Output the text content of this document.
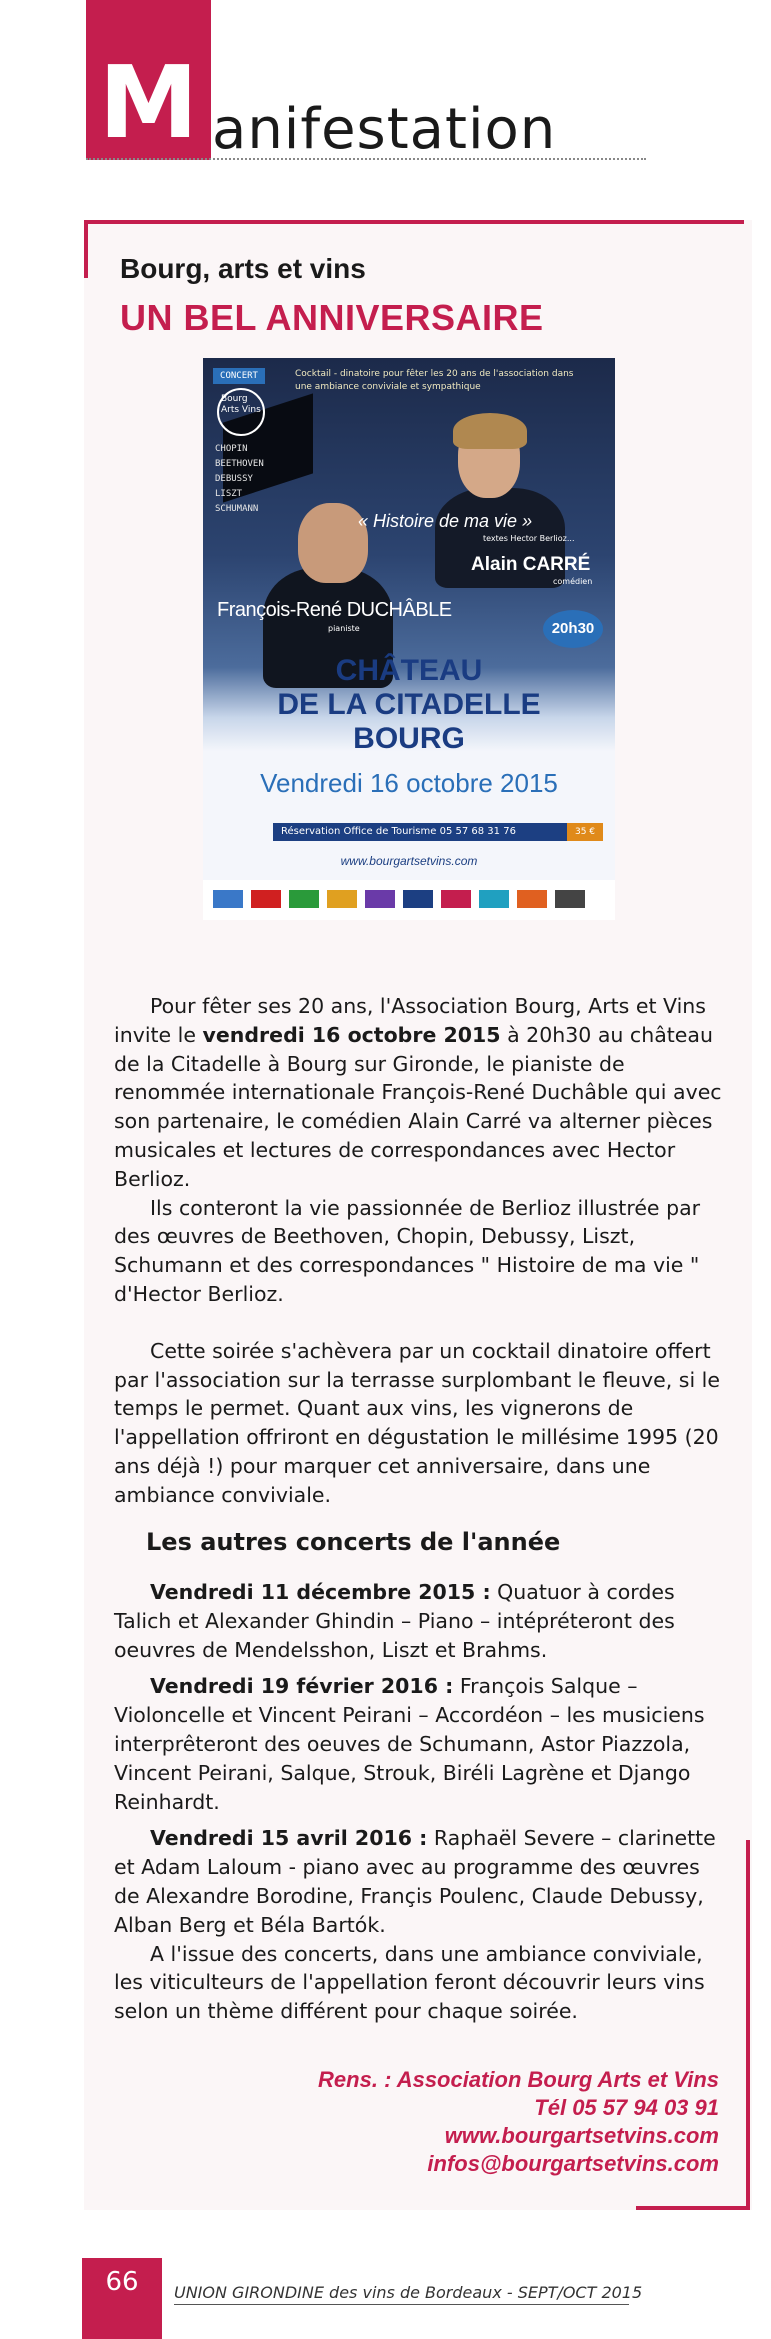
M anifestation
Bourg, arts et vins
UN BEL ANNIVERSAIRE
CONCERT
Bourg Arts Vins
Cocktail - dinatoire pour fêter les 20 ans de l'association dans une ambiance conviviale et sympathique
CHOPIN
BEETHOVEN
DEBUSSY
LISZT
SCHUMANN
« Histoire de ma vie »
textes Hector Berlioz...
Alain CARRÉ
comédien
François-René DUCHÂBLE
pianiste	20h30
CHÂTEAU
DE LA CITADELLE
BOURG
Vendredi 16 octobre 2015
Réservation Office de Tourisme 05 57 68 31 76	35 €
www.bourgartsetvins.com

Pour fêter ses 20 ans, l'Association Bourg, Arts et Vins invite le vendredi 16 octobre 2015 à 20h30 au château de la Citadelle à Bourg sur Gironde, le pianiste de renommée internationale François-René Duchâble qui avec son partenaire, le comédien Alain Carré va alterner pièces musicales et lectures de correspondances avec Hector Berlioz.

Ils conteront la vie passionnée de Berlioz illustrée par des œuvres de Beethoven, Chopin, Debussy, Liszt, Schumann et des correspondances " Histoire de ma vie " d'Hector Berlioz.

Cette soirée s'achèvera par un cocktail dinatoire offert par l'association sur la terrasse surplombant le fleuve, si le temps le permet. Quant aux vins, les vignerons de l'appellation offriront en dégustation le millésime 1995 (20 ans déjà !) pour marquer cet anniversaire, dans une ambiance conviviale.

Les autres concerts de l'année

Vendredi 11 décembre 2015 : Quatuor à cordes Talich et Alexander Ghindin – Piano – intépréteront des oeuvres de Mendelsshon, Liszt et Brahms.

Vendredi 19 février 2016 : François Salque – Violoncelle et Vincent Peirani – Accordéon – les musiciens interprêteront des oeuves de Schumann, Astor Piazzola, Vincent Peirani, Salque, Strouk, Biréli Lagrène et Django Reinhardt.

Vendredi 15 avril 2016 : Raphaël Severe – clarinette et Adam Laloum - piano avec au programme des œuvres de Alexandre Borodine, Françis Poulenc, Claude Debussy, Alban Berg et Béla Bartók.

A l'issue des concerts, dans une ambiance conviviale, les viticulteurs de l'appellation feront découvrir leurs vins selon un thème différent pour chaque soirée.

Rens. : Association Bourg Arts et Vins
Tél 05 57 94 03 91
www.bourgartsetvins.com
infos@bourgartsetvins.com
66	UNION GIRONDINE des vins de Bordeaux - SEPT/OCT 2015
